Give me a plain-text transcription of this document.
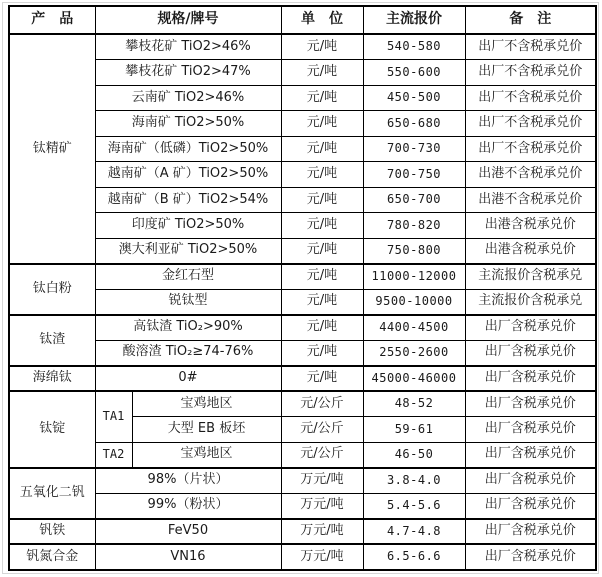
产　品	规格/牌号		单　位	主流报价	备　注
钛精矿	攀枝花矿 TiO2>46%		元/吨	540-580	出厂不含税承兑价
	攀枝花矿 TiO2>47%		元/吨	550-600	出厂不含税承兑价
	云南矿 TiO2>46%		元/吨	450-500	出厂不含税承兑价
	海南矿 TiO2>50%		元/吨	650-680	出厂不含税承兑价
	海南矿（低磷）TiO2>50%		元/吨	700-730	出厂不含税承兑价
	越南矿（A 矿）TiO2>50%		元/吨	700-750	出港不含税承兑价
	越南矿（B 矿）TiO2>54%		元/吨	650-700	出港不含税承兑价
	印度矿 TiO2>50%		元/吨	780-820	出港含税承兑价
	澳大利亚矿 TiO2>50%		元/吨	750-800	出港含税承兑价
钛白粉	金红石型		元/吨	11000-12000	主流报价含税承兑
	锐钛型		元/吨	9500-10000	主流报价含税承兑
钛渣	高钛渣 TiO₂>90%		元/吨	4400-4500	出厂含税承兑价
	酸溶渣 TiO₂≥74-76%		元/吨	2550-2600	出厂含税承兑价
海绵钛	0#		元/吨	45000-46000	出厂含税承兑价
钛锭	TA1	宝鸡地区	元/公斤	48-52	出厂含税承兑价
		大型 EB 板坯	元/公斤	59-61	出厂含税承兑价
	TA2	宝鸡地区	元/公斤	46-50	出厂含税承兑价
五氧化二钒	98%（片状）		万元/吨	3.8-4.0	出厂含税承兑价
	99%（粉状）		万元/吨	5.4-5.6	出厂含税承兑价
钒铁	FeV50		万元/吨	4.7-4.8	出厂含税承兑价
钒氮合金	VN16		万元/吨	6.5-6.6	出厂含税承兑价
